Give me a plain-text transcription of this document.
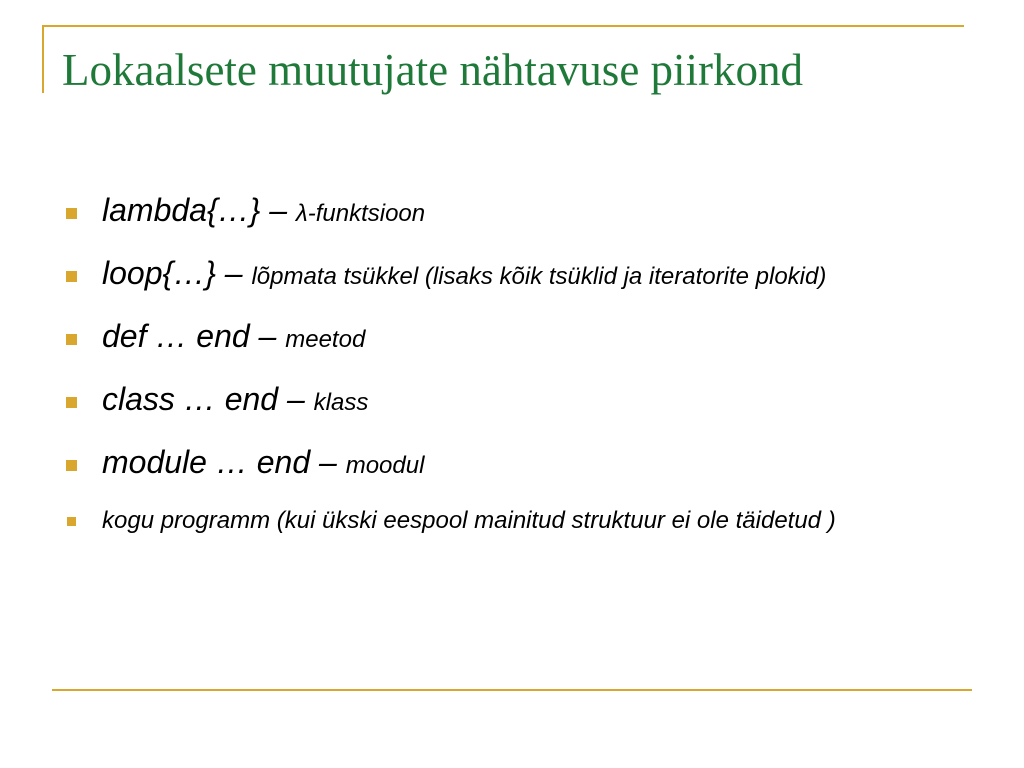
Lokaalsete muutujate nähtavuse piirkond
lambda{…} – λ-funktsioon
loop{…} – lõpmata tsükkel (lisaks kõik tsüklid ja iteratorite plokid)
def … end – meetod
class … end – klass
module … end – moodul
kogu programm (kui ükski eespool mainitud struktuur ei ole täidetud )
